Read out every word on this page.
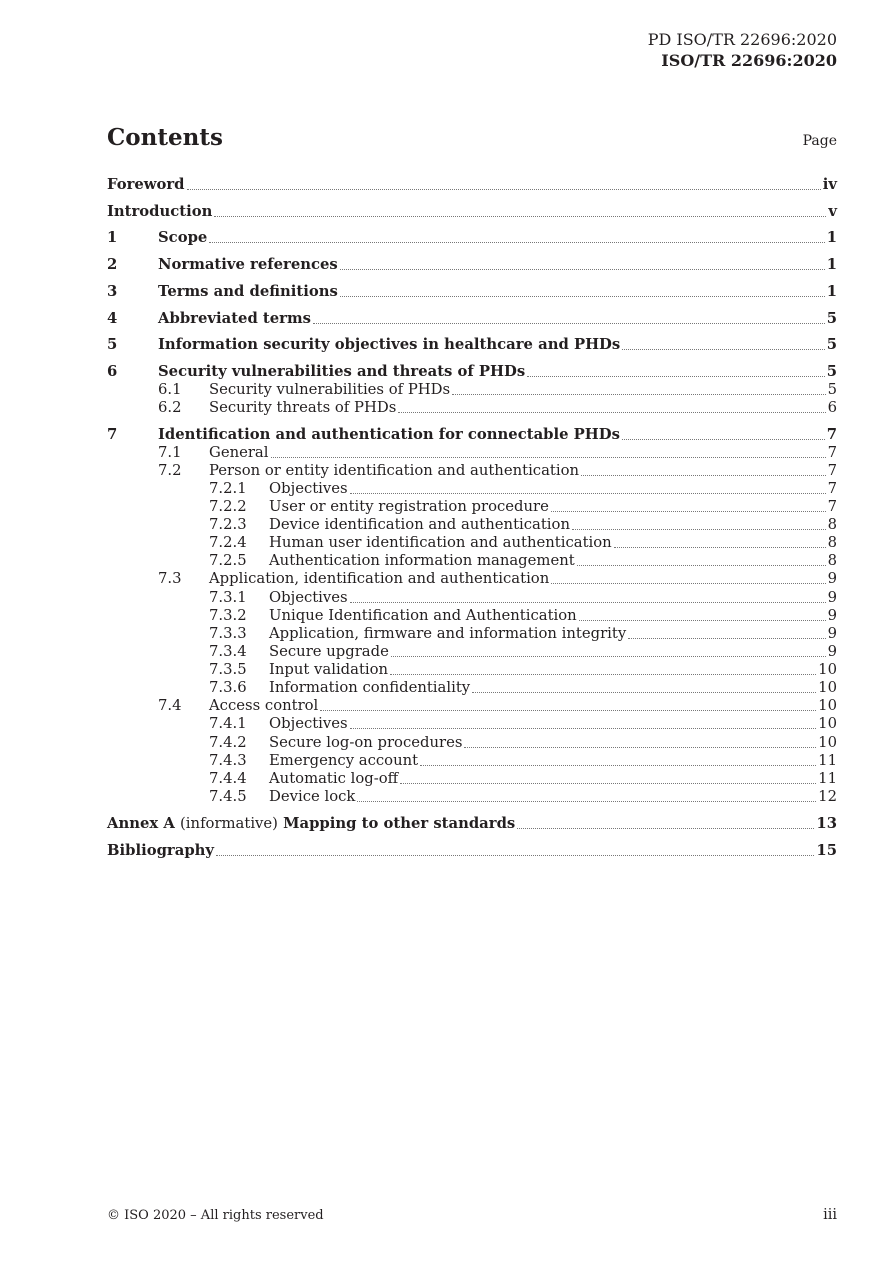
PD ISO/TR 22696:2020
ISO/TR 22696:2020
Contents	Page
Foreword	iv
Introduction	v
1	Scope	1
2	Normative references	1
3	Terms and definitions	1
4	Abbreviated terms	5
5	Information security objectives in healthcare and PHDs	5
6	Security vulnerabilities and threats of PHDs	5
6.1	Security vulnerabilities of PHDs	5
6.2	Security threats of PHDs	6
7	Identification and authentication for connectable PHDs	7
7.1	General	7
7.2	Person or entity identification and authentication	7
7.2.1	Objectives	7
7.2.2	User or entity registration procedure	7
7.2.3	Device identification and authentication	8
7.2.4	Human user identification and authentication	8
7.2.5	Authentication information management	8
7.3	Application, identification and authentication	9
7.3.1	Objectives	9
7.3.2	Unique Identification and Authentication	9
7.3.3	Application, firmware and information integrity	9
7.3.4	Secure upgrade	9
7.3.5	Input validation	10
7.3.6	Information confidentiality	10
7.4	Access control	10
7.4.1	Objectives	10
7.4.2	Secure log-on procedures	10
7.4.3	Emergency account	11
7.4.4	Automatic log-off	11
7.4.5	Device lock	12
Annex A (informative) Mapping to other standards	13
Bibliography	15
© ISO 2020 – All rights reserved	iii
